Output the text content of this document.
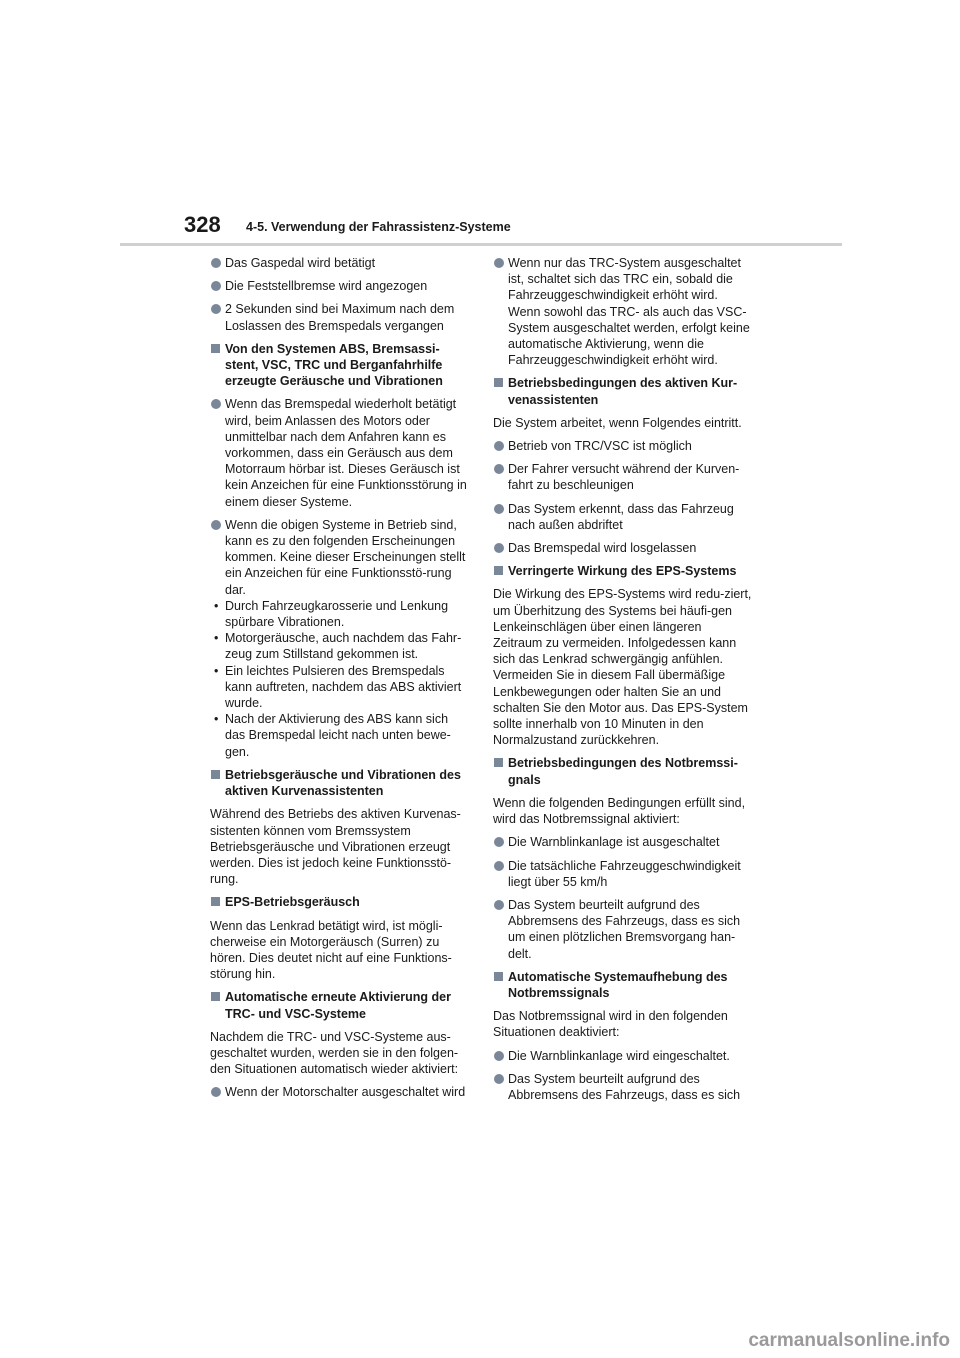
328 4-5. Verwendung der Fahrassistenz-Systeme
Das Gaspedal wird betätigt
Die Feststellbremse wird angezogen
2 Sekunden sind bei Maximum nach dem Loslassen des Bremspedals vergangen
Von den Systemen ABS, Bremsassi-stent, VSC, TRC und Berganfahrhilfe erzeugte Geräusche und Vibrationen
Wenn das Bremspedal wiederholt betätigt wird, beim Anlassen des Motors oder unmittelbar nach dem Anfahren kann es vorkommen, dass ein Geräusch aus dem Motorraum hörbar ist. Dieses Geräusch ist kein Anzeichen für eine Funktionsstörung in einem dieser Systeme.
Wenn die obigen Systeme in Betrieb sind, kann es zu den folgenden Erscheinungen kommen. Keine dieser Erscheinungen stellt ein Anzeichen für eine Funktionsstö-rung dar.
• Durch Fahrzeugkarosserie und Lenkung spürbare Vibrationen.
• Motorgeräusche, auch nachdem das Fahr-zeug zum Stillstand gekommen ist.
• Ein leichtes Pulsieren des Bremspedals kann auftreten, nachdem das ABS aktiviert wurde.
• Nach der Aktivierung des ABS kann sich das Bremspedal leicht nach unten bewe-gen.
Betriebsgeräusche und Vibrationen des aktiven Kurvenassistenten
Während des Betriebs des aktiven Kurvenas-sistenten können vom Bremssystem Betriebsgeräusche und Vibrationen erzeugt werden. Dies ist jedoch keine Funktionsstö-rung.
EPS-Betriebsgeräusch
Wenn das Lenkrad betätigt wird, ist mögli-cherweise ein Motorgeräusch (Surren) zu hören. Dies deutet nicht auf eine Funktions-störung hin.
Automatische erneute Aktivierung der TRC- und VSC-Systeme
Nachdem die TRC- und VSC-Systeme aus-geschaltet wurden, werden sie in den folgen-den Situationen automatisch wieder aktiviert:
Wenn der Motorschalter ausgeschaltet wird
Wenn nur das TRC-System ausgeschaltet ist, schaltet sich das TRC ein, sobald die Fahrzeuggeschwindigkeit erhöht wird. Wenn sowohl das TRC- als auch das VSC-System ausgeschaltet werden, erfolgt keine automatische Aktivierung, wenn die Fahrzeuggeschwindigkeit erhöht wird.
Betriebsbedingungen des aktiven Kur-venassistenten
Die System arbeitet, wenn Folgendes eintritt.
Betrieb von TRC/VSC ist möglich
Der Fahrer versucht während der Kurven-fahrt zu beschleunigen
Das System erkennt, dass das Fahrzeug nach außen abdriftet
Das Bremspedal wird losgelassen
Verringerte Wirkung des EPS-Systems
Die Wirkung des EPS-Systems wird redu-ziert, um Überhitzung des Systems bei häufi-gen Lenkeinschlägen über einen längeren Zeitraum zu vermeiden. Infolgedessen kann sich das Lenkrad schwergängig anfühlen. Vermeiden Sie in diesem Fall übermäßige Lenkbewegungen oder halten Sie an und schalten Sie den Motor aus. Das EPS-System sollte innerhalb von 10 Minuten in den Normalzustand zurückkehren.
Betriebsbedingungen des Notbremssi-gnals
Wenn die folgenden Bedingungen erfüllt sind, wird das Notbremssignal aktiviert:
Die Warnblinkanlage ist ausgeschaltet
Die tatsächliche Fahrzeuggeschwindigkeit liegt über 55 km/h
Das System beurteilt aufgrund des Abbremsens des Fahrzeugs, dass es sich um einen plötzlichen Bremsvorgang han-delt.
Automatische Systemaufhebung des Notbremssignals
Das Notbremssignal wird in den folgenden Situationen deaktiviert:
Die Warnblinkanlage wird eingeschaltet.
Das System beurteilt aufgrund des Abbremsens des Fahrzeugs, dass es sich
carmanualsonline.info
